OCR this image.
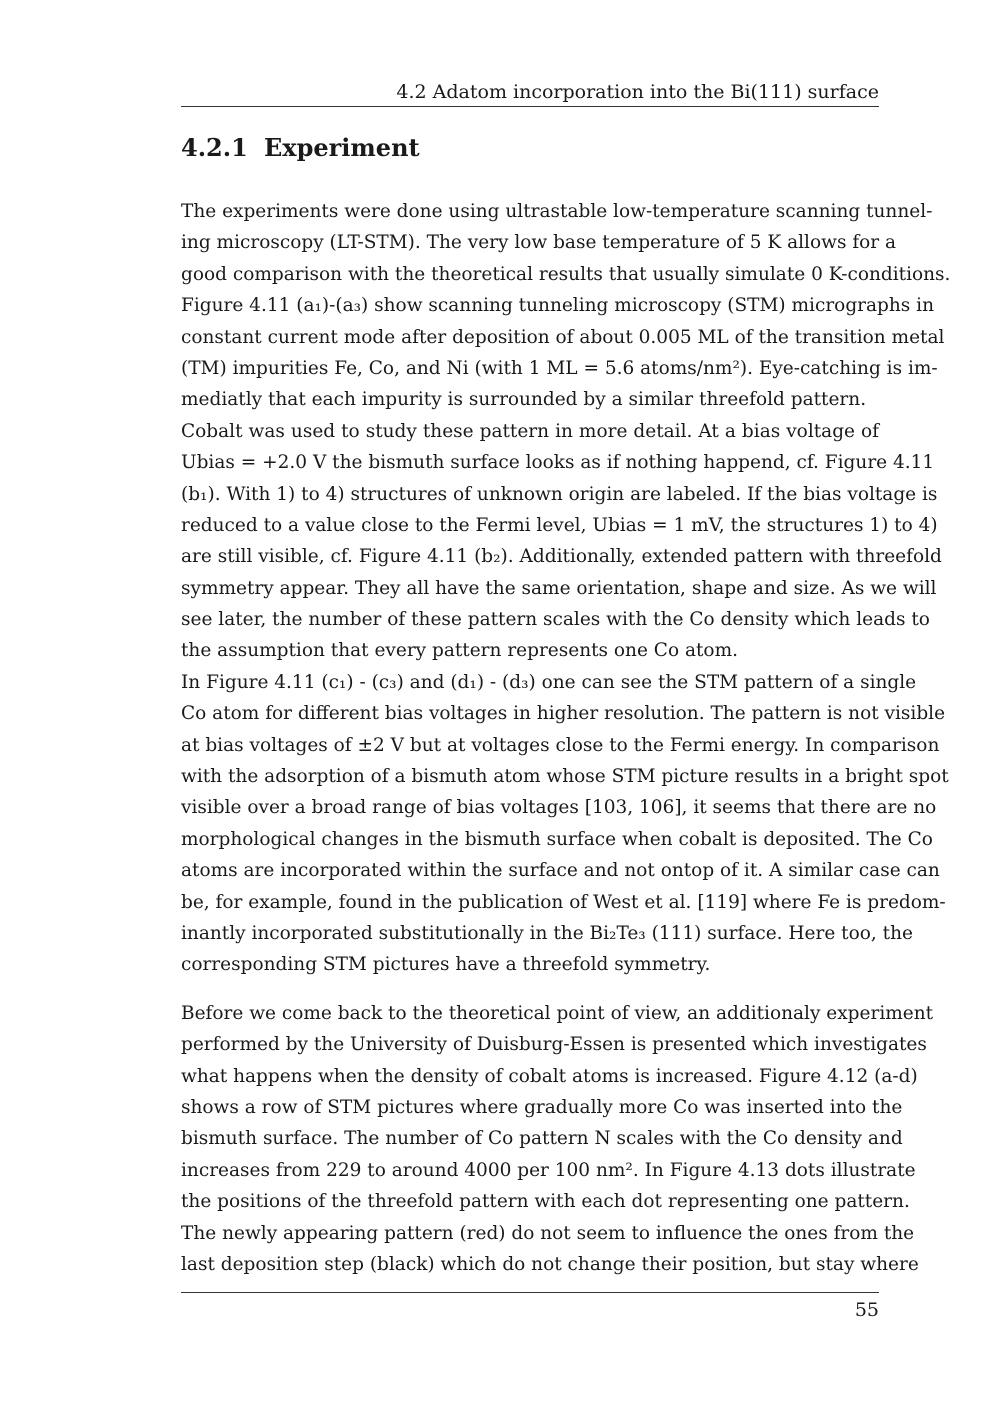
4.2 Adatom incorporation into the Bi(111) surface
4.2.1 Experiment
The experiments were done using ultrastable low-temperature scanning tunnel-
ing microscopy (LT-STM). The very low base temperature of 5 K allows for a
good comparison with the theoretical results that usually simulate 0 K-conditions.
Figure 4.11 (a₁)-(a₃) show scanning tunneling microscopy (STM) micrographs in
constant current mode after deposition of about 0.005 ML of the transition metal
(TM) impurities Fe, Co, and Ni (with 1 ML = 5.6 atoms/nm²). Eye-catching is im-
mediatly that each impurity is surrounded by a similar threefold pattern.
Cobalt was used to study these pattern in more detail. At a bias voltage of
Ubias = +2.0 V the bismuth surface looks as if nothing happend, cf. Figure 4.11
(b₁). With 1) to 4) structures of unknown origin are labeled. If the bias voltage is
reduced to a value close to the Fermi level, Ubias = 1 mV, the structures 1) to 4)
are still visible, cf. Figure 4.11 (b₂). Additionally, extended pattern with threefold
symmetry appear. They all have the same orientation, shape and size. As we will
see later, the number of these pattern scales with the Co density which leads to
the assumption that every pattern represents one Co atom.
In Figure 4.11 (c₁) - (c₃) and (d₁) - (d₃) one can see the STM pattern of a single
Co atom for different bias voltages in higher resolution. The pattern is not visible
at bias voltages of ±2 V but at voltages close to the Fermi energy. In comparison
with the adsorption of a bismuth atom whose STM picture results in a bright spot
visible over a broad range of bias voltages [103, 106], it seems that there are no
morphological changes in the bismuth surface when cobalt is deposited. The Co
atoms are incorporated within the surface and not ontop of it. A similar case can
be, for example, found in the publication of West et al. [119] where Fe is predom-
inantly incorporated substitutionally in the Bi₂Te₃ (111) surface. Here too, the
corresponding STM pictures have a threefold symmetry.
Before we come back to the theoretical point of view, an additionaly experiment
performed by the University of Duisburg-Essen is presented which investigates
what happens when the density of cobalt atoms is increased. Figure 4.12 (a-d)
shows a row of STM pictures where gradually more Co was inserted into the
bismuth surface. The number of Co pattern N scales with the Co density and
increases from 229 to around 4000 per 100 nm². In Figure 4.13 dots illustrate
the positions of the threefold pattern with each dot representing one pattern.
The newly appearing pattern (red) do not seem to influence the ones from the
last deposition step (black) which do not change their position, but stay where
55
